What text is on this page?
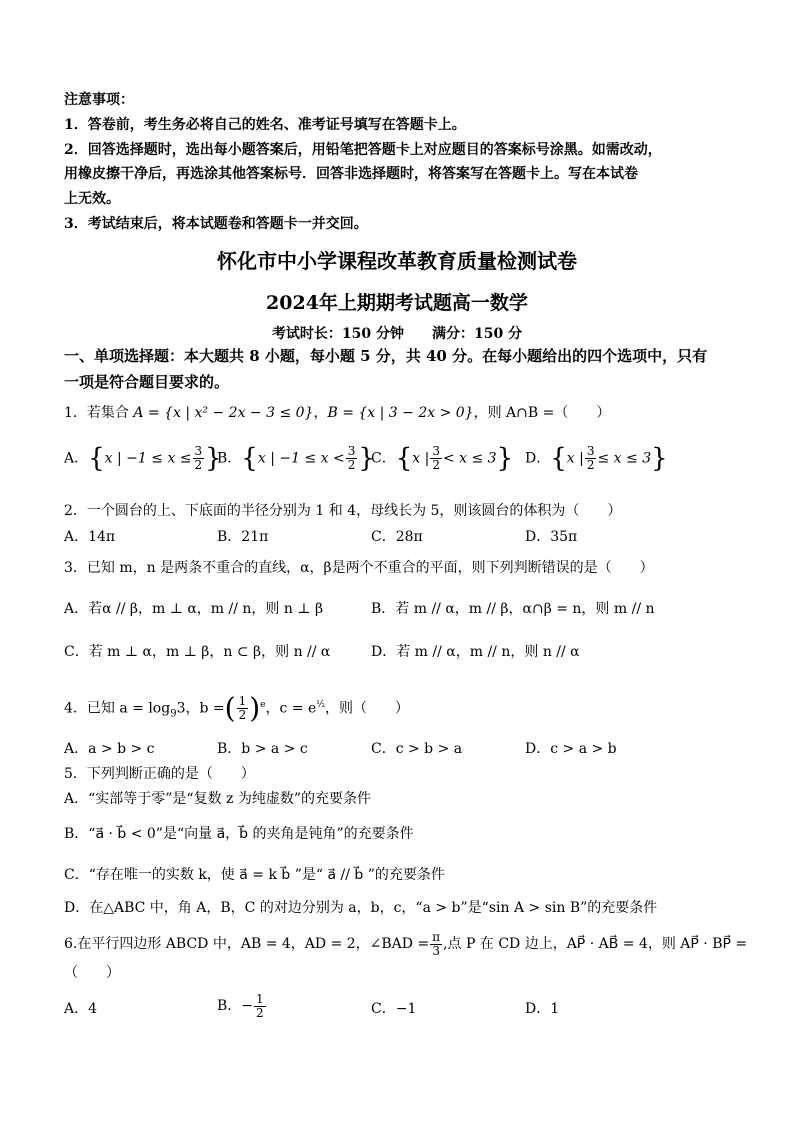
注意事项：
1．答卷前，考生务必将自己的姓名、准考证号填写在答题卡上。
2．回答选择题时，选出每小题答案后，用铅笔把答题卡上对应题目的答案标号涂黑。如需改动，
用橡皮擦干净后，再选涂其他答案标号．回答非选择题时，将答案写在答题卡上。写在本试卷
上无效。
3．考试结束后，将本试题卷和答题卡一并交回。
怀化市中小学课程改革教育质量检测试卷
2024年上期期考试题高一数学
考试时长：150 分钟　　满分：150 分
一、单项选择题：本大题共 8 小题，每小题 5 分，共 40 分。在每小题给出的四个选项中，只有
一项是符合题目要求的。
1．若集合 A = {x | x² − 2x − 3 ≤ 0}，B = {x | 3 − 2x > 0}，则 A∩B =（　　）
A．{x | $-1 \le x \le \frac{3}{2}$ }
B．{x | $-1 \le x < \frac{3}{2}$ }
C．{x | $\frac{3}{2} < x \le 3$} D．{x | $\frac{3}{2} \le x \le 3$}
2．一个圆台的上、下底面的半径分别为 1 和 4，母线长为 5，则该圆台的体积为（　　）
A．14π	B．21π	C．28π	D．35π
3．已知 m，n 是两条不重合的直线，α，β是两个不重合的平面，则下列判断错误的是（　　）
A．若α // β，m ⊥ α，m // n，则 n ⊥ β	B．若 m // α，m // β，α∩β = n，则 m // n
C．若 m ⊥ α，m ⊥ β，n ⊂ β，则 n // α	D．若 m // α，m // n，则 n // α
4．已知 $a = \log_93$，b =( $\frac{1}{2} )^e$，$c = e^{\frac{1}{2}}$，则（　　）
A．a > b > c	B．b > a > c	C．c > b > a	D．c > a > b
5．下列判断正确的是（　　）
A．“实部等于零”是“复数 z 为纯虚数”的充要条件
B．“a⃗ · b⃗ < 0”是“向量 a⃗，b⃗ 的夹角是钝角”的充要条件
C．“存在唯一的实数 k，使 a⃗ = k b⃗ ”是“ a⃗ // b⃗ ”的充要条件
D．在△ABC 中，角 A，B，C 的对边分别为 a，b，c，“a > b”是“sin A > sin B”的充要条件
6.在平行四边形 ABCD 中，AB = 4，AD = 2，∠BAD = $\frac{\pi}{3}$ ,点 P 在 CD 边上，AP⃗ · AB⃗ = 4，则 AP⃗ · BP⃗ =
（　　）
A．4	B．− $\frac{1}{2}$	C．−1	D．1
